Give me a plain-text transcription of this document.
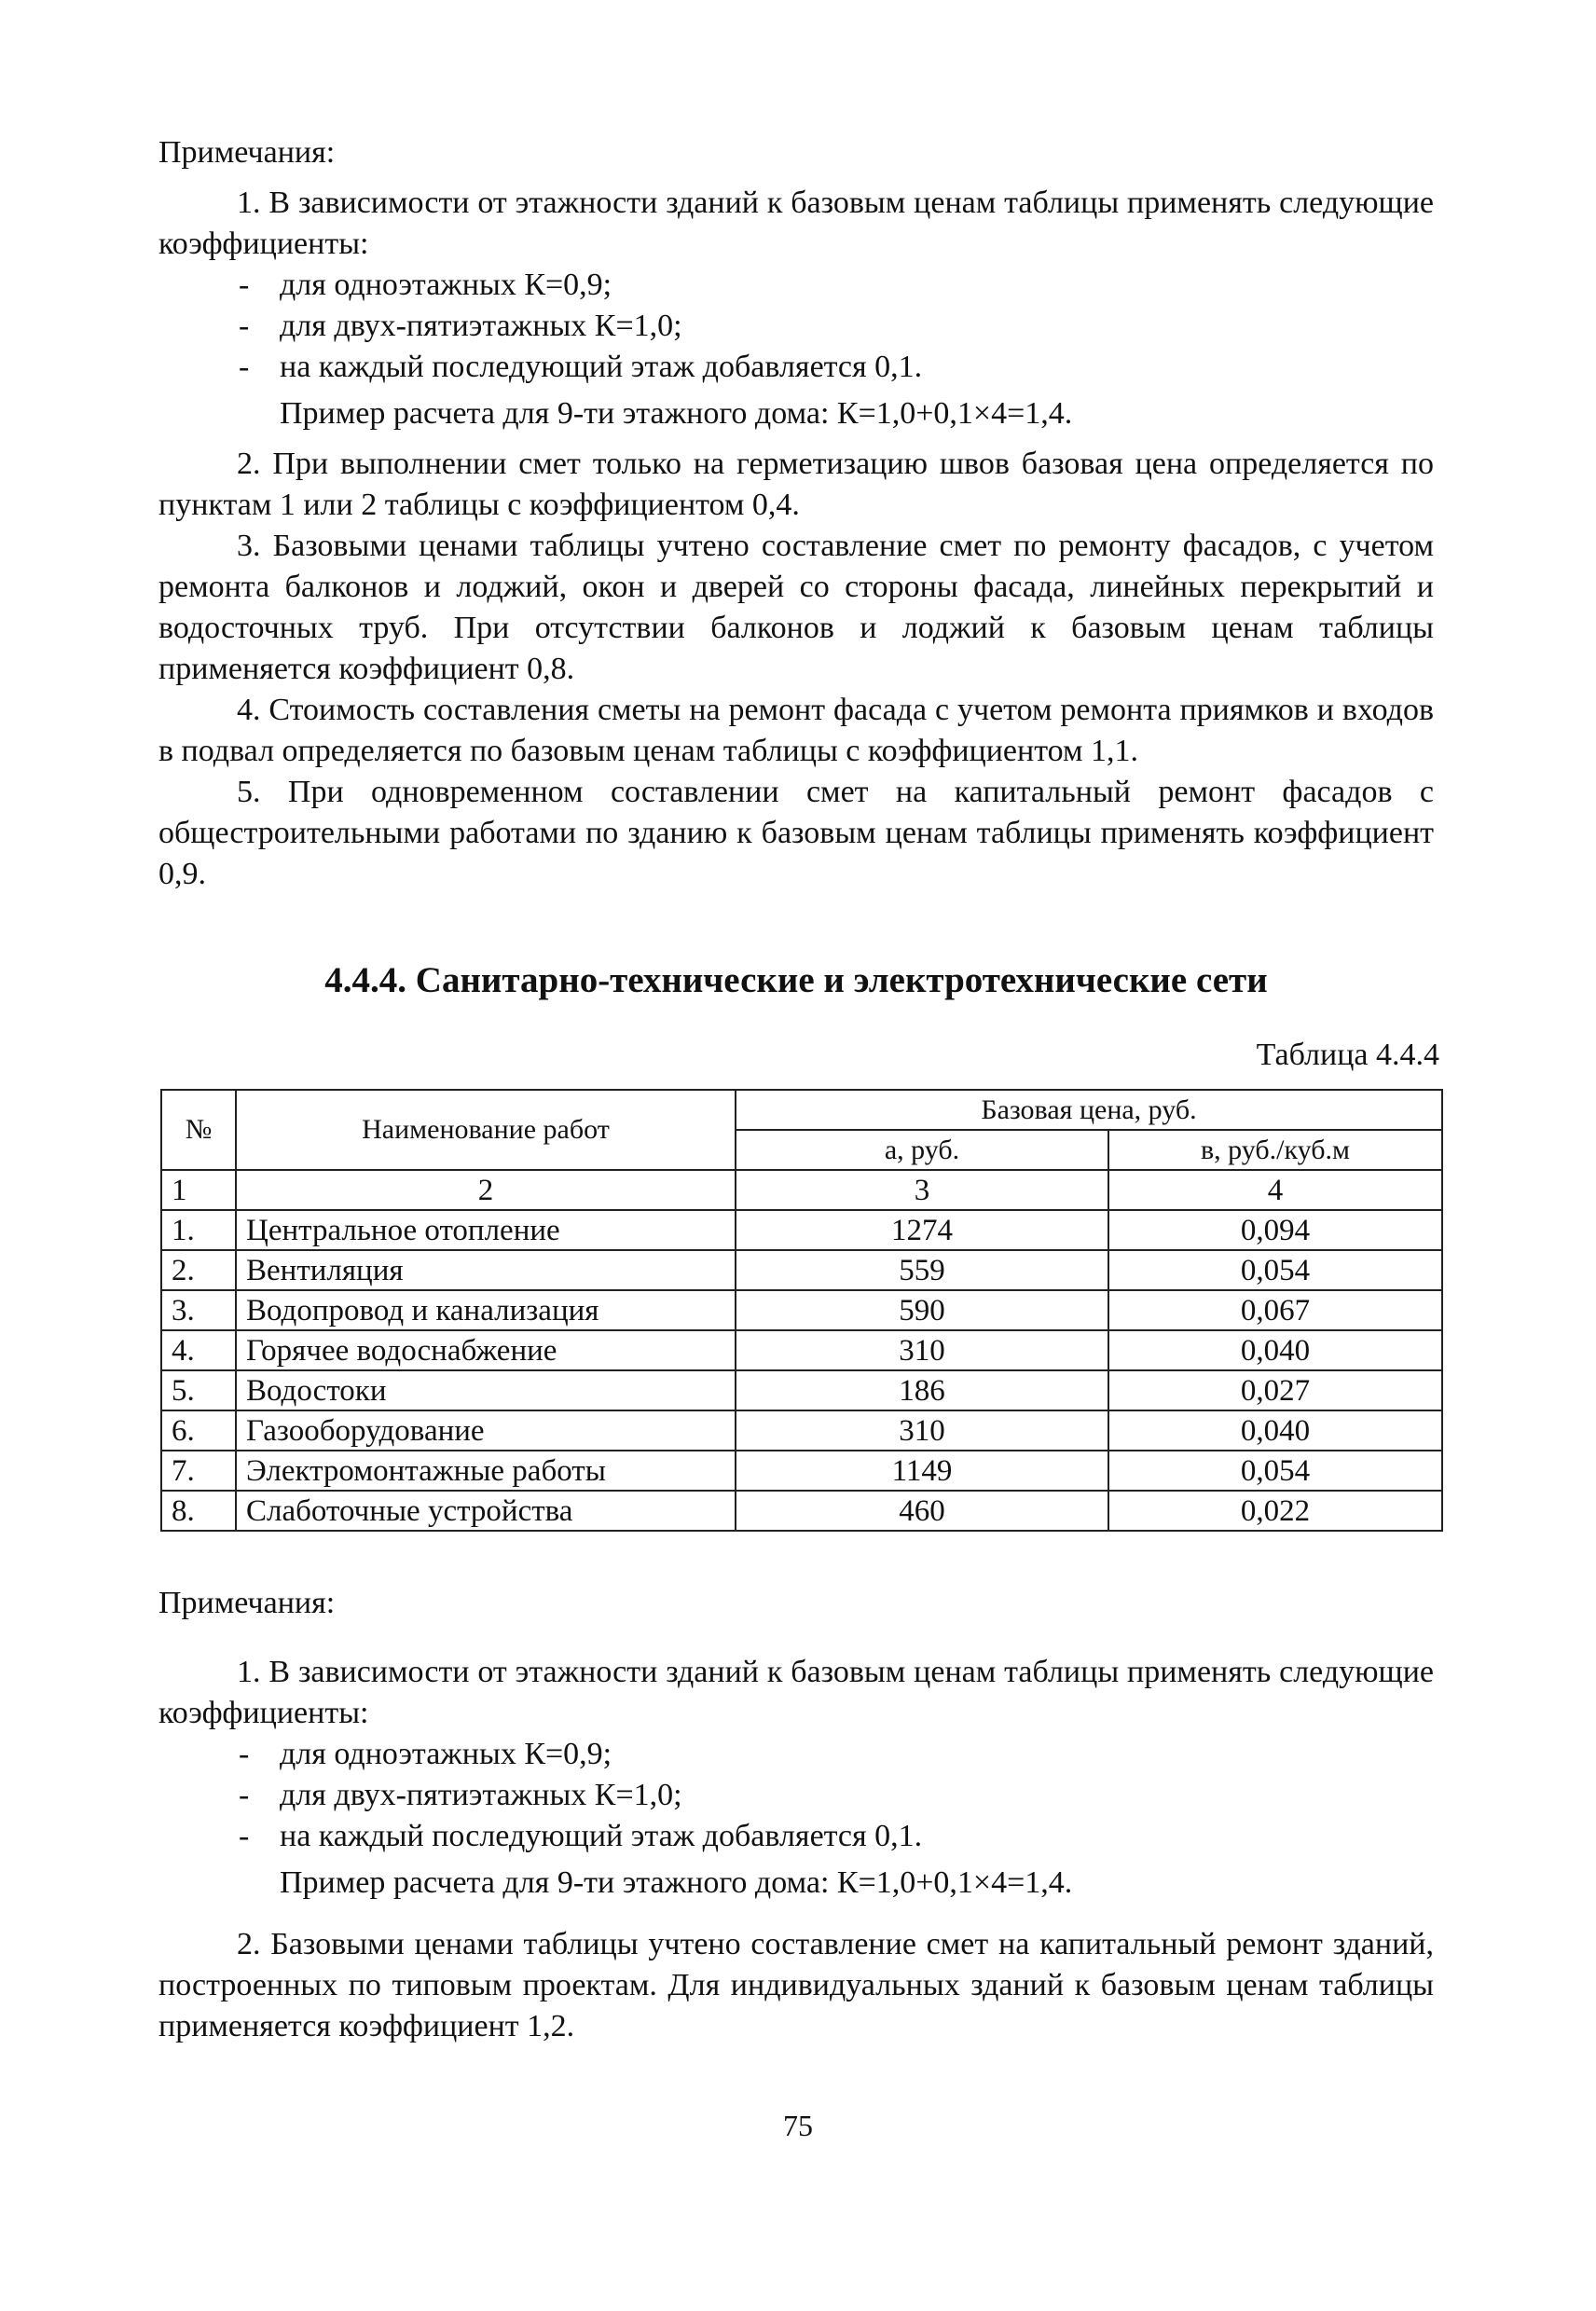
Примечания:

1. В зависимости от этажности зданий к базовым ценам таблицы применять следующие коэффициенты:

- для одноэтажных К=0,9;

- для двух-пятиэтажных К=1,0;

- на каждый последующий этаж добавляется 0,1.

Пример расчета для 9-ти этажного дома: К=1,0+0,1×4=1,4.

2. При выполнении смет только на герметизацию швов базовая цена определяется по пунктам 1 или 2 таблицы с коэффициентом 0,4.

3. Базовыми ценами таблицы учтено составление смет по ремонту фасадов, с учетом ремонта балконов и лоджий, окон и дверей со стороны фасада, линейных перекрытий и водосточных труб. При отсутствии балконов и лоджий к базовым ценам таблицы применяется коэффициент 0,8.

4. Стоимость составления сметы на ремонт фасада с учетом ремонта приямков и входов в подвал определяется по базовым ценам таблицы с коэффициентом 1,1.

5. При одновременном составлении смет на капитальный ремонт фасадов с общестроительными работами по зданию к базовым ценам таблицы применять коэффициент 0,9.

4.4.4. Санитарно-технические и электротехнические сети
Таблица 4.4.4
№	Наименование работ	Базовая цена, руб.	
		а, руб.	в, руб./куб.м
1	2	3	4
1.	Центральное отопление	1274	0,094
2.	Вентиляция	559	0,054
3.	Водопровод и канализация	590	0,067
4.	Горячее водоснабжение	310	0,040
5.	Водостоки	186	0,027
6.	Газооборудование	310	0,040
7.	Электромонтажные работы	1149	0,054
8.	Слаботочные устройства	460	0,022

Примечания:

1. В зависимости от этажности зданий к базовым ценам таблицы применять следующие коэффициенты:

- для одноэтажных К=0,9;

- для двух-пятиэтажных К=1,0;

- на каждый последующий этаж добавляется 0,1.

Пример расчета для 9-ти этажного дома: К=1,0+0,1×4=1,4.

2. Базовыми ценами таблицы учтено составление смет на капитальный ремонт зданий, построенных по типовым проектам. Для индивидуальных зданий к базовым ценам таблицы применяется коэффициент 1,2.

75
